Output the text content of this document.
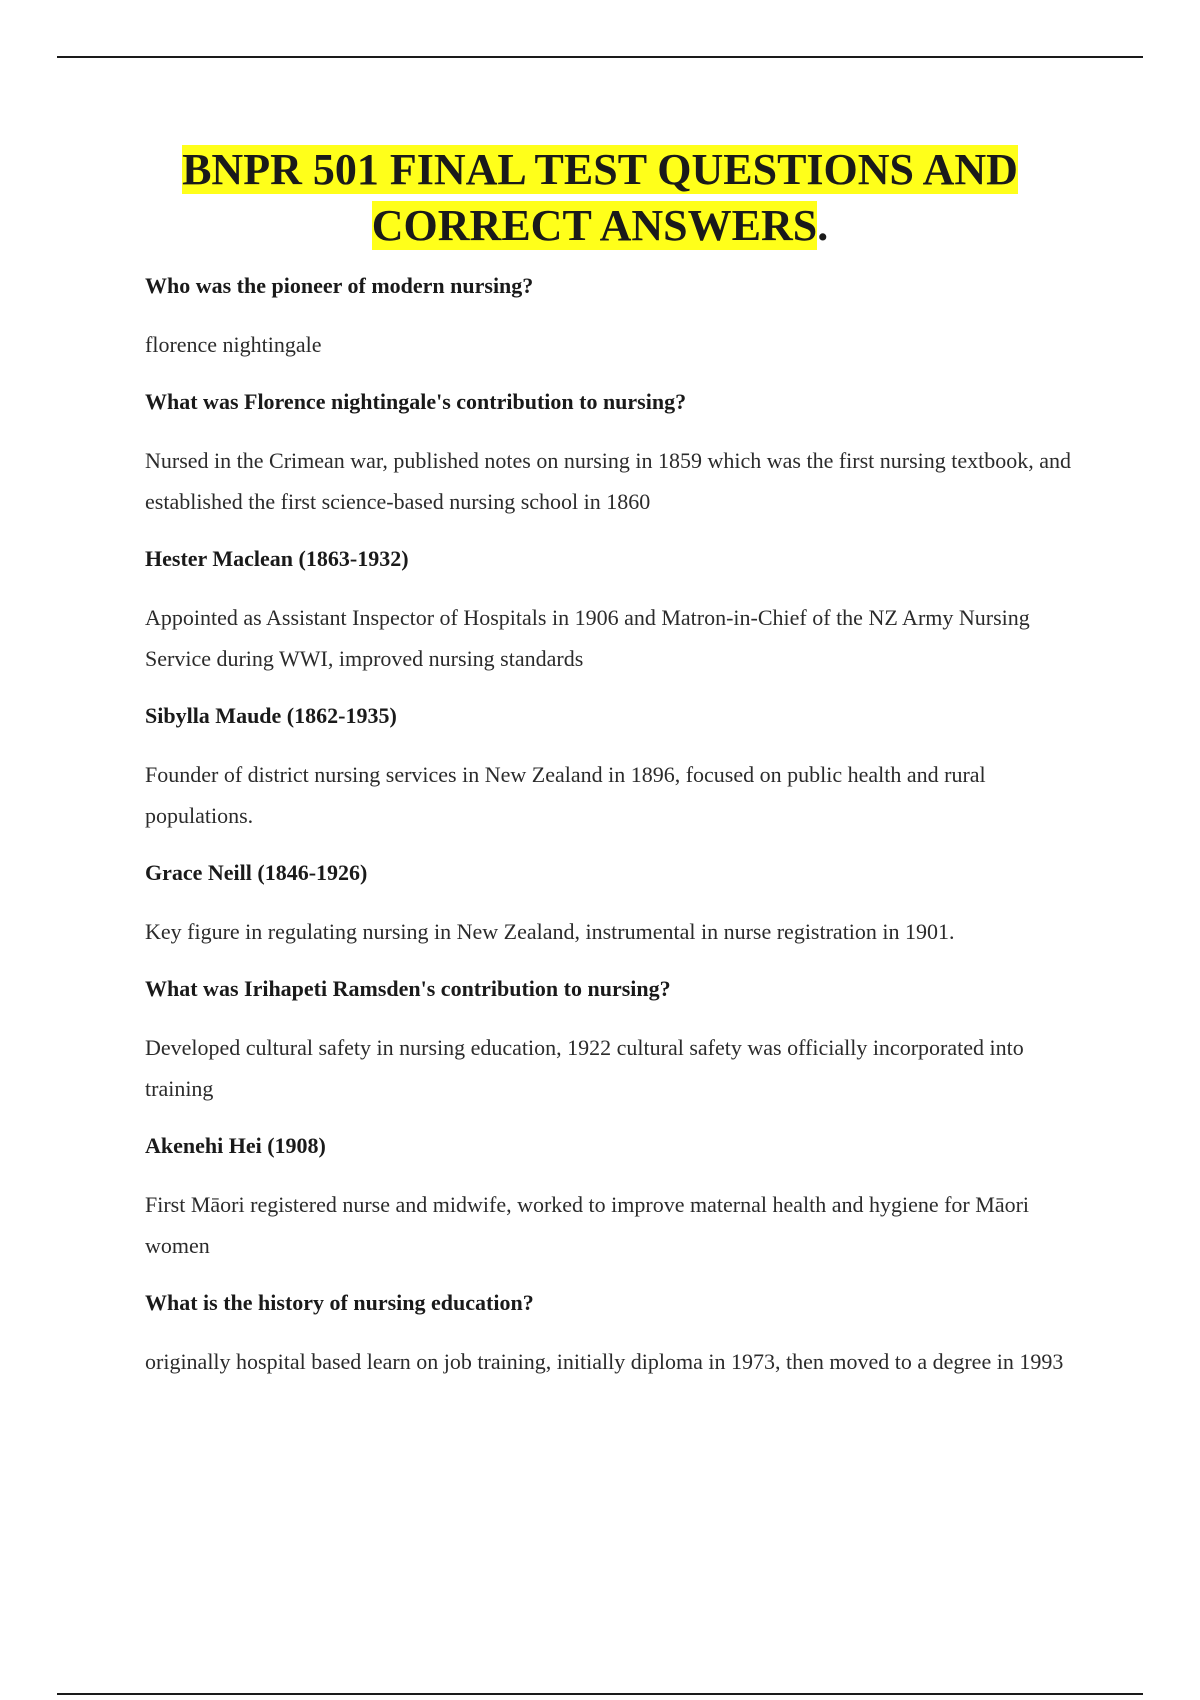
BNPR 501 FINAL TEST QUESTIONS AND
CORRECT ANSWERS.

Who was the pioneer of modern nursing?

florence nightingale

What was Florence nightingale's contribution to nursing?

Nursed in the Crimean war, published notes on nursing in 1859 which was the first nursing textbook, and established the first science-based nursing school in 1860

Hester Maclean (1863-1932)

Appointed as Assistant Inspector of Hospitals in 1906 and Matron-in-Chief of the NZ Army Nursing Service during WWI, improved nursing standards

Sibylla Maude (1862-1935)

Founder of district nursing services in New Zealand in 1896, focused on public health and rural populations.

Grace Neill (1846-1926)

Key figure in regulating nursing in New Zealand, instrumental in nurse registration in 1901.

What was Irihapeti Ramsden's contribution to nursing?

Developed cultural safety in nursing education, 1922 cultural safety was officially incorporated into training

Akenehi Hei (1908)

First Māori registered nurse and midwife, worked to improve maternal health and hygiene for Māori women

What is the history of nursing education?

originally hospital based learn on job training, initially diploma in 1973, then moved to a degree in 1993
